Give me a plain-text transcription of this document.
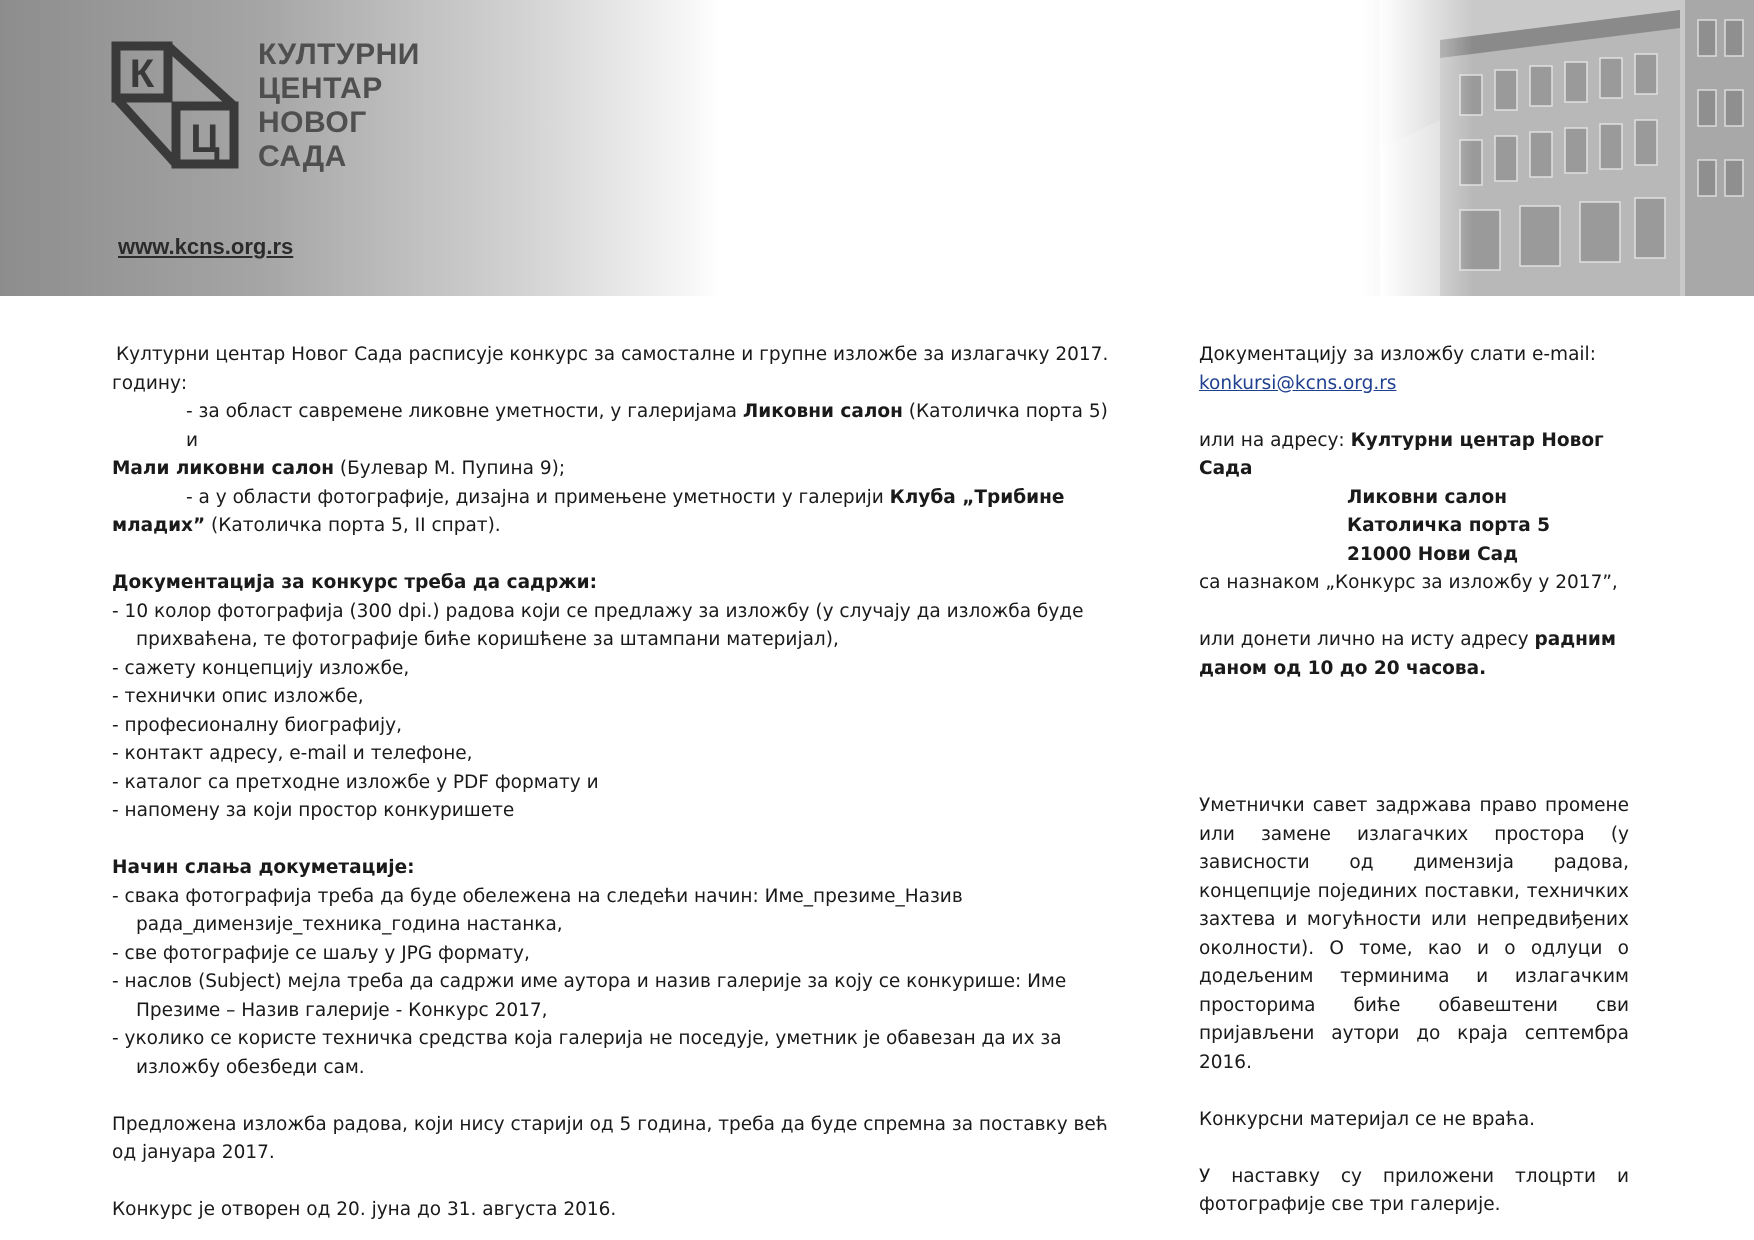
К
Ц
КУЛТУРНИ
ЦЕНТАР
НОВОГ
САДА
www.kcns.org.rs

Културни центар Новог Сада расписује конкурс за самосталне и групне изложбе за излагачку 2017.

годину:

- за област савремене ликовне уметности, у галеријама Ликовни салон (Католичка порта 5) и

Мали ликовни салон (Булевар М. Пупина 9);

- а у области фотографије, дизајна и примењене уметности у галерији Клуба „Трибине

младих” (Католичка порта 5, II спрат).

Документација за конкурс треба да садржи:

- 10 колор фотографија (300 dpi.) радова који се предлажу за изложбу (у случају да изложба буде

прихваћена, те фотографије биће коришћене за штампани материјал),

- сажету концепцију изложбе,

- технички опис изложбе,

- професионалну биографију,

- контакт адресу, e-mail и телефоне,

- каталог са претходне изложбе у PDF формату и

- напомену за који простор конкуришете

Начин слања докуметације:

- свака фотографија треба да буде обележена на следећи начин: Име_презиме_Назив

рада_димензије_техника_година настанка,

- све фотографије се шаљу у JPG формату,

- наслов (Subject) мејла треба да садржи име аутора и назив галерије за коју се конкурише: Име

Презиме – Назив галерије - Конкурс 2017,

- уколико се користе техничка средства која галерија не поседује, уметник је обавезан да их за

изложбу обезбеди сам.

Предложена изложба радова, који нису старији од 5 година, треба да буде спремна за поставку већ

од јануара 2017.

Конкурс је отворен од 20. јуна до 31. августа 2016.

Документацију за изложбу слати e-mail:

konkursi@kcns.org.rs

или на адресу: Културни центар Новог Сада

Ликовни салон

Католичка порта 5

21000 Нови Сад

са назнаком „Конкурс за изложбу у 2017”,

или донети лично на исту адресу радним

даном од 10 до 20 часова.

Уметнички савет задржава право промене

или замене излагачких простора (у

зависности од димензија радова,

концепције појединих поставки, техничких

захтева и могућности или непредвиђених

околности). О томе, као и о одлуци о

додељеним терминима и излагачким

просторима биће обавештени сви

пријављени аутори до краја септембра 2016.

Конкурсни материјал се не враћа.

У наставку су приложени тлоцрти и

фотографије све три галерије.
